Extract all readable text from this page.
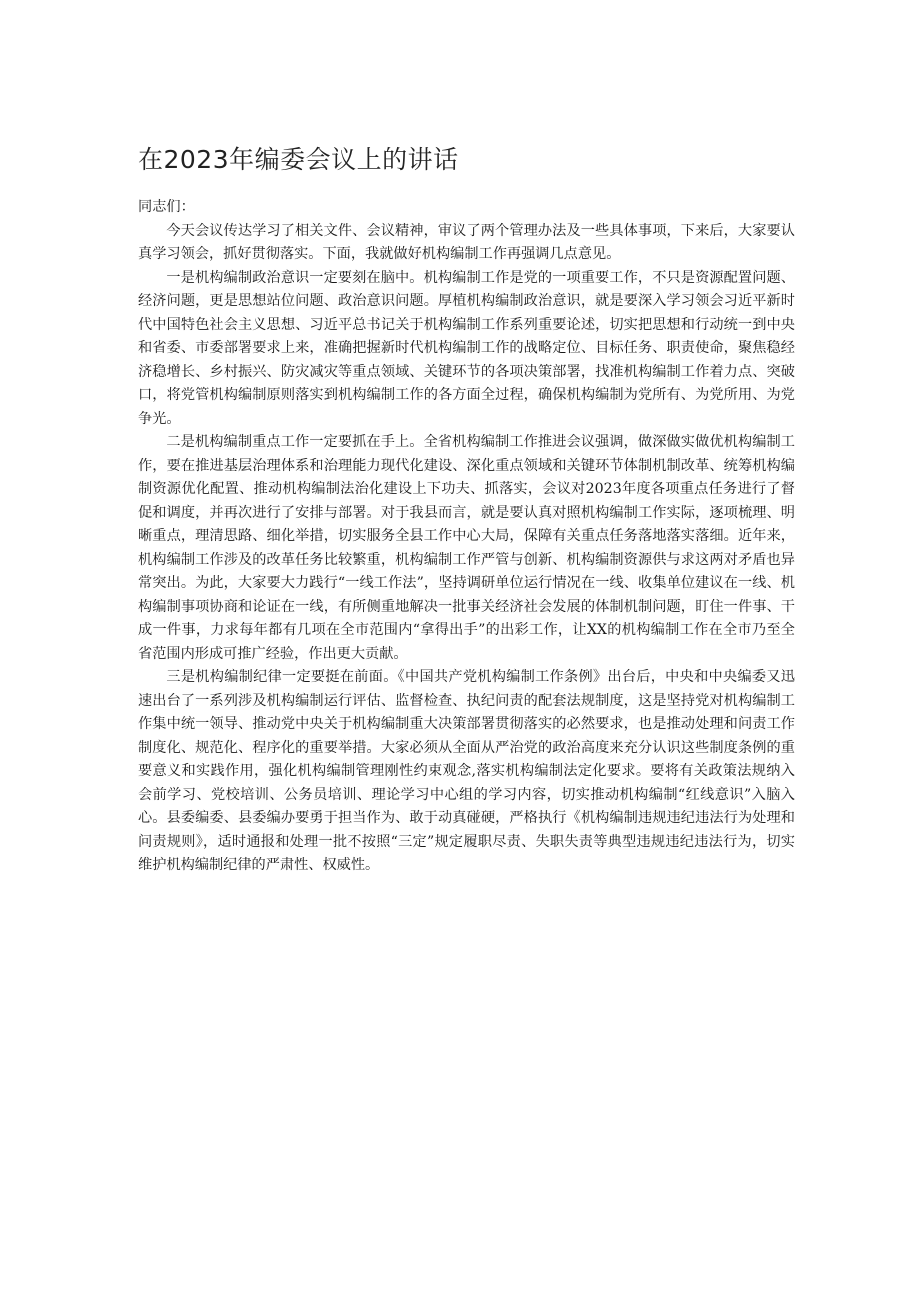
在2023年编委会议上的讲话

同志们：

今天会议传达学习了相关文件、会议精神，审议了两个管理办法及一些具体事项，下来后，大家要认真学习领会，抓好贯彻落实。下面，我就做好机构编制工作再强调几点意见。

一是机构编制政治意识一定要刻在脑中。机构编制工作是党的一项重要工作，不只是资源配置问题、经济问题，更是思想站位问题、政治意识问题。厚植机构编制政治意识，就是要深入学习领会习近平新时代中国特色社会主义思想、习近平总书记关于机构编制工作系列重要论述，切实把思想和行动统一到中央和省委、市委部署要求上来，准确把握新时代机构编制工作的战略定位、目标任务、职责使命，聚焦稳经济稳增长、乡村振兴、防灾减灾等重点领域、关键环节的各项决策部署，找准机构编制工作着力点、突破口，将党管机构编制原则落实到机构编制工作的各方面全过程，确保机构编制为党所有、为党所用、为党争光。

二是机构编制重点工作一定要抓在手上。全省机构编制工作推进会议强调，做深做实做优机构编制工作，要在推进基层治理体系和治理能力现代化建设、深化重点领域和关键环节体制机制改革、统筹机构编制资源优化配置、推动机构编制法治化建设上下功夫、抓落实，会议对2023年度各项重点任务进行了督促和调度，并再次进行了安排与部署。对于我县而言，就是要认真对照机构编制工作实际，逐项梳理、明晰重点，理清思路、细化举措，切实服务全县工作中心大局，保障有关重点任务落地落实落细。近年来，机构编制工作涉及的改革任务比较繁重，机构编制工作严管与创新、机构编制资源供与求这两对矛盾也异常突出。为此，大家要大力践行“一线工作法”，坚持调研单位运行情况在一线、收集单位建议在一线、机构编制事项协商和论证在一线，有所侧重地解决一批事关经济社会发展的体制机制问题，盯住一件事、干成一件事，力求每年都有几项在全市范围内“拿得出手”的出彩工作，让XX的机构编制工作在全市乃至全省范围内形成可推广经验，作出更大贡献。

三是机构编制纪律一定要挺在前面。《中国共产党机构编制工作条例》出台后，中央和中央编委又迅速出台了一系列涉及机构编制运行评估、监督检查、执纪问责的配套法规制度，这是坚持党对机构编制工作集中统一领导、推动党中央关于机构编制重大决策部署贯彻落实的必然要求，也是推动处理和问责工作制度化、规范化、程序化的重要举措。大家必须从全面从严治党的政治高度来充分认识这些制度条例的重要意义和实践作用，强化机构编制管理刚性约束观念,落实机构编制法定化要求。要将有关政策法规纳入会前学习、党校培训、公务员培训、理论学习中心组的学习内容，切实推动机构编制“红线意识”入脑入心。县委编委、县委编办要勇于担当作为、敢于动真碰硬，严格执行《机构编制违规违纪违法行为处理和问责规则》，适时通报和处理一批不按照“三定”规定履职尽责、失职失责等典型违规违纪违法行为，切实维护机构编制纪律的严肃性、权威性。
